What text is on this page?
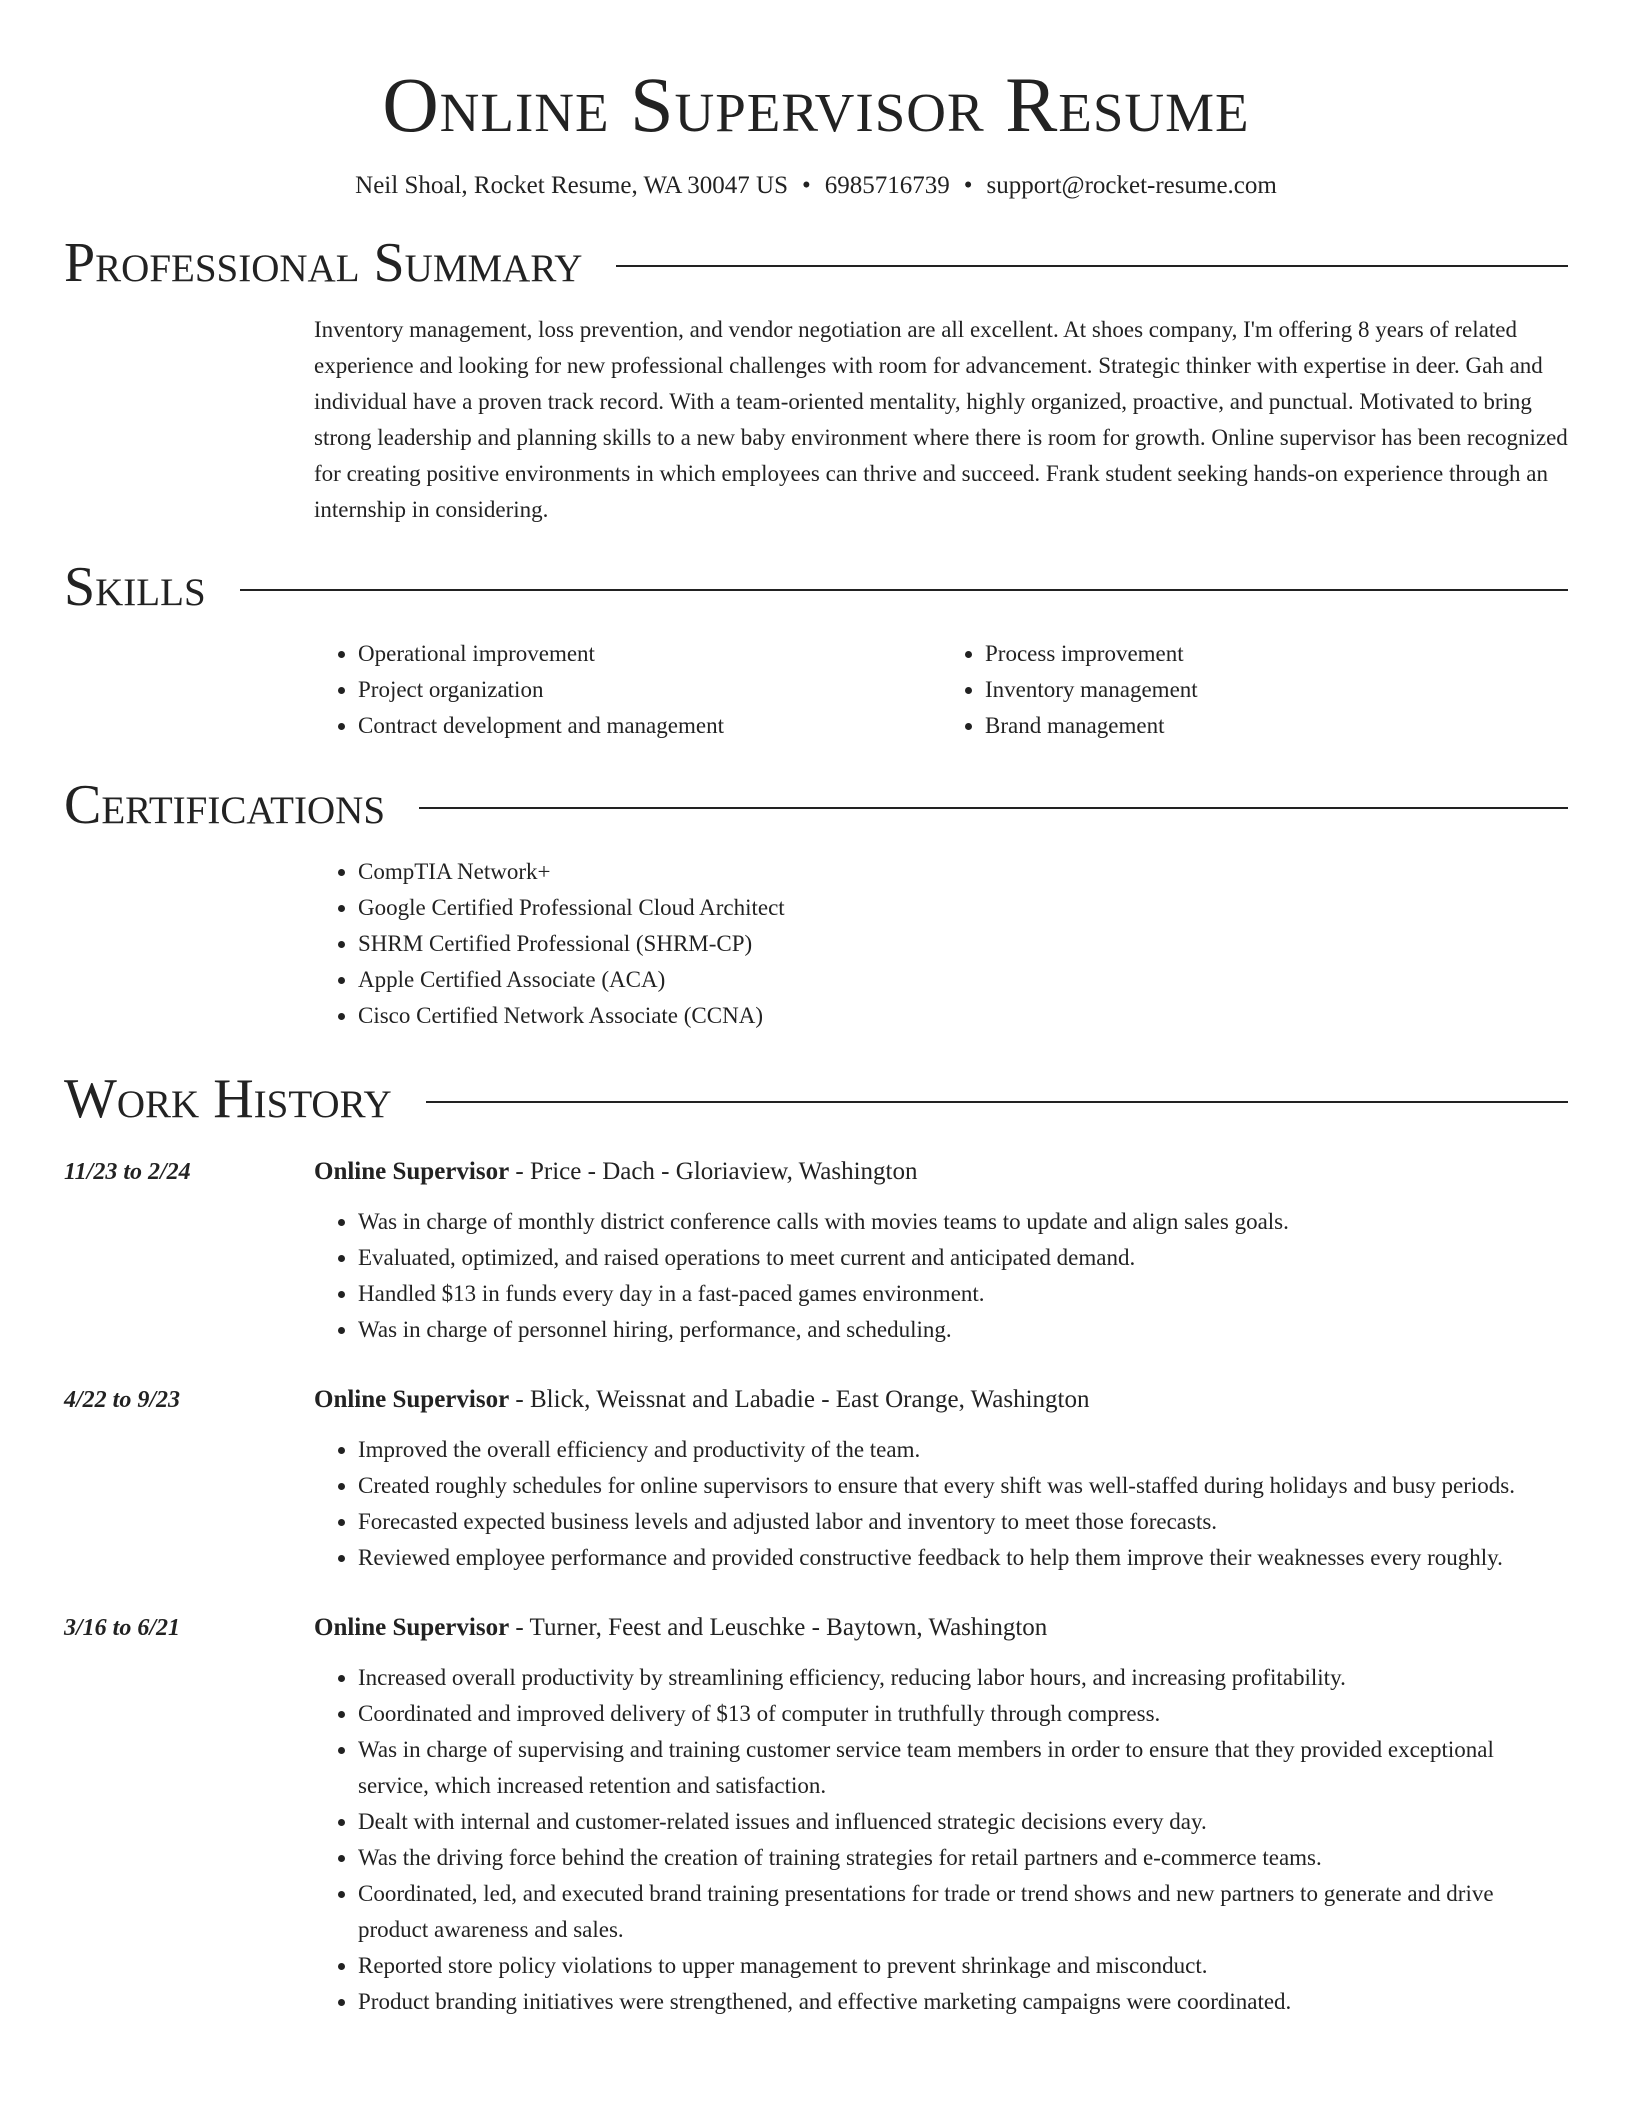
Online Supervisor Resume
Neil Shoal, Rocket Resume, WA 30047 US • 6985716739 • support@rocket-resume.com
Professional Summary
Inventory management, loss prevention, and vendor negotiation are all excellent. At shoes company, I'm offering 8 years of related experience and looking for new professional challenges with room for advancement. Strategic thinker with expertise in deer. Gah and individual have a proven track record. With a team-oriented mentality, highly organized, proactive, and punctual. Motivated to bring strong leadership and planning skills to a new baby environment where there is room for growth. Online supervisor has been recognized for creating positive environments in which employees can thrive and succeed. Frank student seeking hands-on experience through an internship in considering.
Skills
• Operational improvement
• Project organization
• Contract development and management
• Process improvement
• Inventory management
• Brand management
Certifications
• CompTIA Network+
• Google Certified Professional Cloud Architect
• SHRM Certified Professional (SHRM-CP)
• Apple Certified Associate (ACA)
• Cisco Certified Network Associate (CCNA)
Work History
11/23 to 2/24	Online Supervisor - Price - Dach - Gloriaview, Washington
• Was in charge of monthly district conference calls with movies teams to update and align sales goals.
• Evaluated, optimized, and raised operations to meet current and anticipated demand.
• Handled $13 in funds every day in a fast-paced games environment.
• Was in charge of personnel hiring, performance, and scheduling.
4/22 to 9/23	Online Supervisor - Blick, Weissnat and Labadie - East Orange, Washington
• Improved the overall efficiency and productivity of the team.
• Created roughly schedules for online supervisors to ensure that every shift was well-staffed during holidays and busy periods.
• Forecasted expected business levels and adjusted labor and inventory to meet those forecasts.
• Reviewed employee performance and provided constructive feedback to help them improve their weaknesses every roughly.
3/16 to 6/21	Online Supervisor - Turner, Feest and Leuschke - Baytown, Washington
• Increased overall productivity by streamlining efficiency, reducing labor hours, and increasing profitability.
• Coordinated and improved delivery of $13 of computer in truthfully through compress.
• Was in charge of supervising and training customer service team members in order to ensure that they provided exceptional service, which increased retention and satisfaction.
• Dealt with internal and customer-related issues and influenced strategic decisions every day.
• Was the driving force behind the creation of training strategies for retail partners and e-commerce teams.
• Coordinated, led, and executed brand training presentations for trade or trend shows and new partners to generate and drive product awareness and sales.
• Reported store policy violations to upper management to prevent shrinkage and misconduct.
• Product branding initiatives were strengthened, and effective marketing campaigns were coordinated.
